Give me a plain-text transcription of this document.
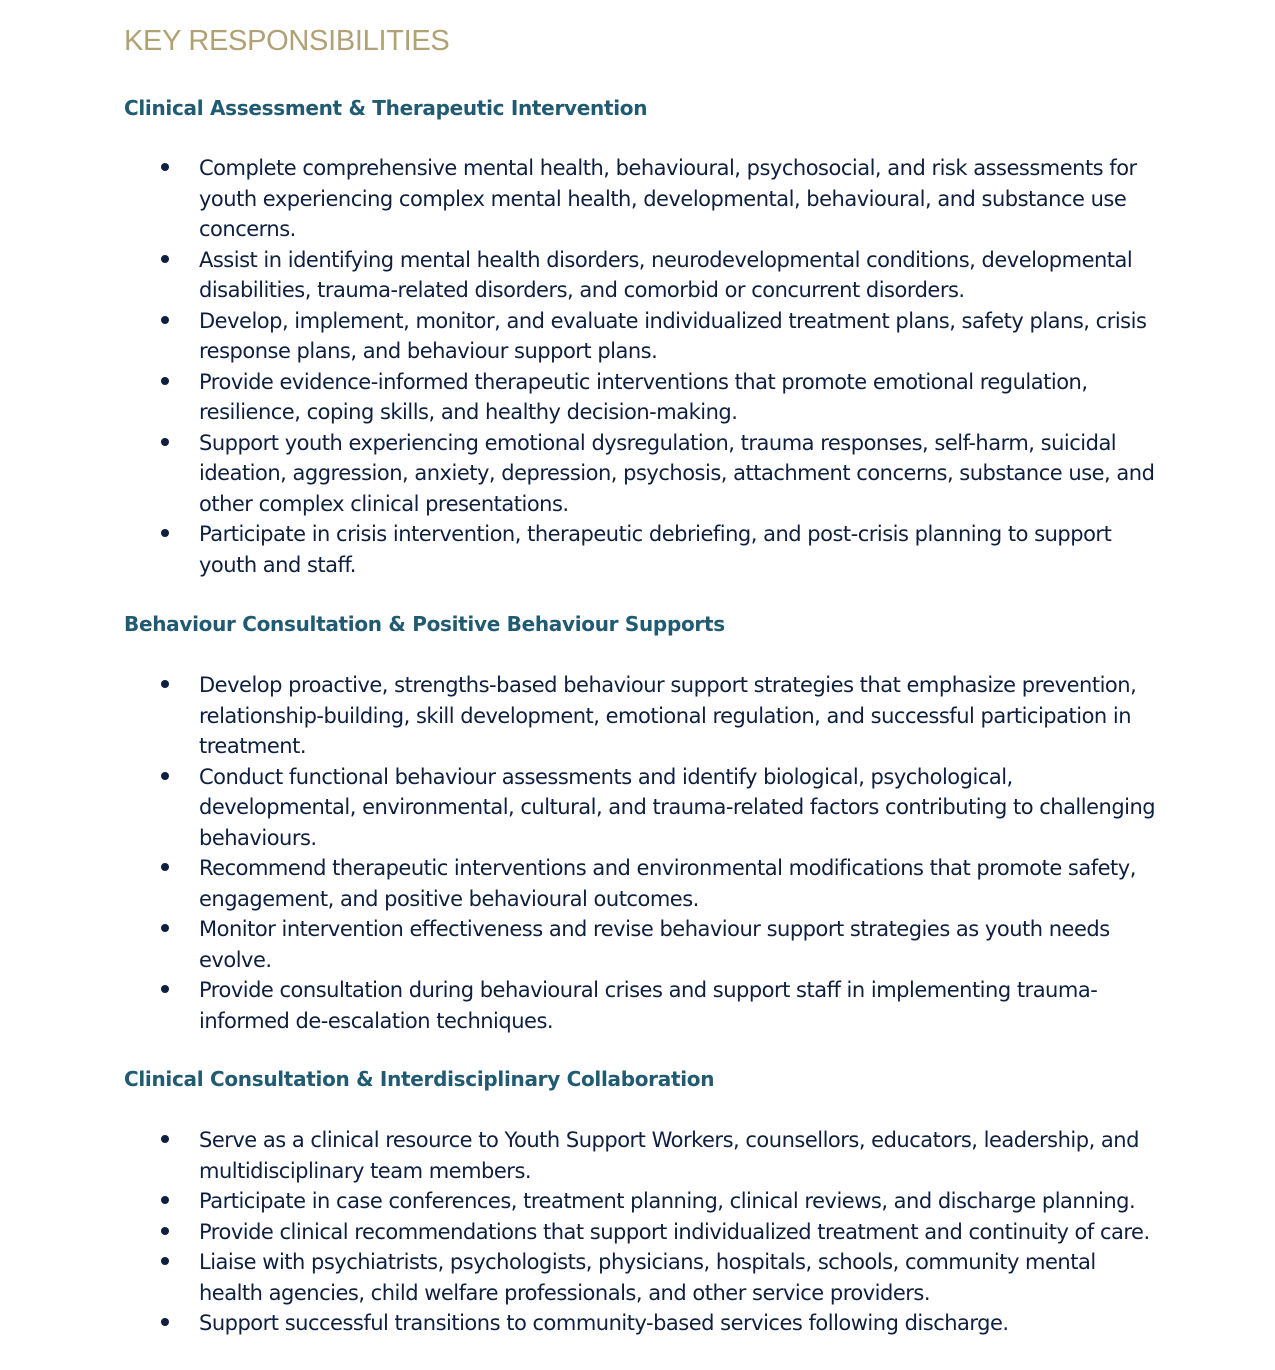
KEY RESPONSIBILITIES
Clinical Assessment & Therapeutic Intervention
Complete comprehensive mental health, behavioural, psychosocial, and risk assessments for youth experiencing complex mental health, developmental, behavioural, and substance use concerns.
Assist in identifying mental health disorders, neurodevelopmental conditions, developmental disabilities, trauma-related disorders, and comorbid or concurrent disorders.
Develop, implement, monitor, and evaluate individualized treatment plans, safety plans, crisis response plans, and behaviour support plans.
Provide evidence-informed therapeutic interventions that promote emotional regulation, resilience, coping skills, and healthy decision-making.
Support youth experiencing emotional dysregulation, trauma responses, self-harm, suicidal ideation, aggression, anxiety, depression, psychosis, attachment concerns, substance use, and other complex clinical presentations.
Participate in crisis intervention, therapeutic debriefing, and post-crisis planning to support youth and staff.
Behaviour Consultation & Positive Behaviour Supports
Develop proactive, strengths-based behaviour support strategies that emphasize prevention, relationship-building, skill development, emotional regulation, and successful participation in treatment.
Conduct functional behaviour assessments and identify biological, psychological, developmental, environmental, cultural, and trauma-related factors contributing to challenging behaviours.
Recommend therapeutic interventions and environmental modifications that promote safety, engagement, and positive behavioural outcomes.
Monitor intervention effectiveness and revise behaviour support strategies as youth needs evolve.
Provide consultation during behavioural crises and support staff in implementing trauma-informed de-escalation techniques.
Clinical Consultation & Interdisciplinary Collaboration
Serve as a clinical resource to Youth Support Workers, counsellors, educators, leadership, and multidisciplinary team members.
Participate in case conferences, treatment planning, clinical reviews, and discharge planning.
Provide clinical recommendations that support individualized treatment and continuity of care.
Liaise with psychiatrists, psychologists, physicians, hospitals, schools, community mental health agencies, child welfare professionals, and other service providers.
Support successful transitions to community-based services following discharge.
